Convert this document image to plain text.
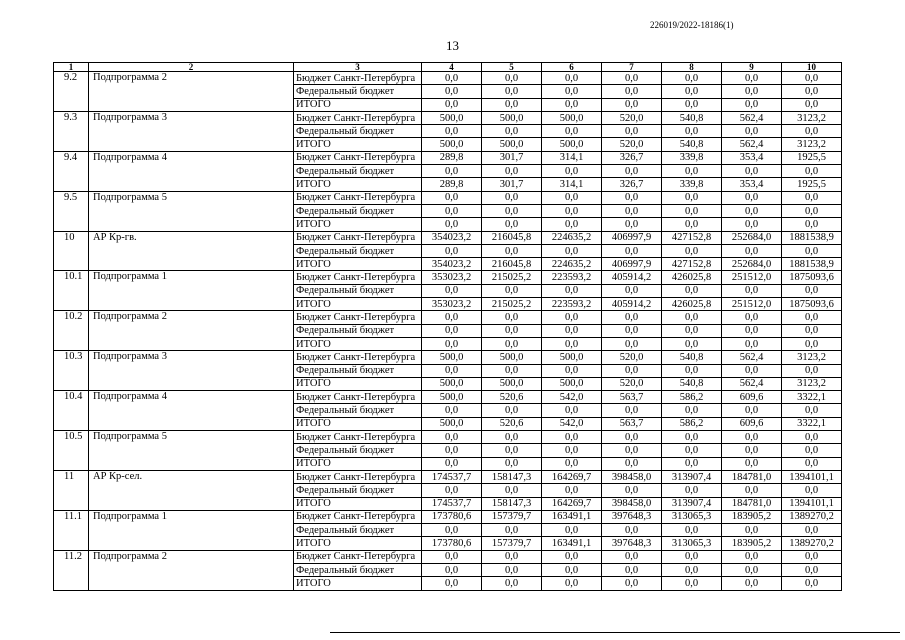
226019/2022-18186(1)
13
1	2	3	4	5	6	7	8	9	10
9.2	Подпрограмма 2	Бюджет Санкт-Петербурга	0,0	0,0	0,0	0,0	0,0	0,0	0,0
		Федеральный бюджет	0,0	0,0	0,0	0,0	0,0	0,0	0,0
		ИТОГО	0,0	0,0	0,0	0,0	0,0	0,0	0,0
9.3	Подпрограмма 3	Бюджет Санкт-Петербурга	500,0	500,0	500,0	520,0	540,8	562,4	3123,2
		Федеральный бюджет	0,0	0,0	0,0	0,0	0,0	0,0	0,0
		ИТОГО	500,0	500,0	500,0	520,0	540,8	562,4	3123,2
9.4	Подпрограмма 4	Бюджет Санкт-Петербурга	289,8	301,7	314,1	326,7	339,8	353,4	1925,5
		Федеральный бюджет	0,0	0,0	0,0	0,0	0,0	0,0	0,0
		ИТОГО	289,8	301,7	314,1	326,7	339,8	353,4	1925,5
9.5	Подпрограмма 5	Бюджет Санкт-Петербурга	0,0	0,0	0,0	0,0	0,0	0,0	0,0
		Федеральный бюджет	0,0	0,0	0,0	0,0	0,0	0,0	0,0
		ИТОГО	0,0	0,0	0,0	0,0	0,0	0,0	0,0
10	АР Кр-гв.	Бюджет Санкт-Петербурга	354023,2	216045,8	224635,2	406997,9	427152,8	252684,0	1881538,9
		Федеральный бюджет	0,0	0,0	0,0	0,0	0,0	0,0	0,0
		ИТОГО	354023,2	216045,8	224635,2	406997,9	427152,8	252684,0	1881538,9
10.1	Подпрограмма 1	Бюджет Санкт-Петербурга	353023,2	215025,2	223593,2	405914,2	426025,8	251512,0	1875093,6
		Федеральный бюджет	0,0	0,0	0,0	0,0	0,0	0,0	0,0
		ИТОГО	353023,2	215025,2	223593,2	405914,2	426025,8	251512,0	1875093,6
10.2	Подпрограмма 2	Бюджет Санкт-Петербурга	0,0	0,0	0,0	0,0	0,0	0,0	0,0
		Федеральный бюджет	0,0	0,0	0,0	0,0	0,0	0,0	0,0
		ИТОГО	0,0	0,0	0,0	0,0	0,0	0,0	0,0
10.3	Подпрограмма 3	Бюджет Санкт-Петербурга	500,0	500,0	500,0	520,0	540,8	562,4	3123,2
		Федеральный бюджет	0,0	0,0	0,0	0,0	0,0	0,0	0,0
		ИТОГО	500,0	500,0	500,0	520,0	540,8	562,4	3123,2
10.4	Подпрограмма 4	Бюджет Санкт-Петербурга	500,0	520,6	542,0	563,7	586,2	609,6	3322,1
		Федеральный бюджет	0,0	0,0	0,0	0,0	0,0	0,0	0,0
		ИТОГО	500,0	520,6	542,0	563,7	586,2	609,6	3322,1
10.5	Подпрограмма 5	Бюджет Санкт-Петербурга	0,0	0,0	0,0	0,0	0,0	0,0	0,0
		Федеральный бюджет	0,0	0,0	0,0	0,0	0,0	0,0	0,0
		ИТОГО	0,0	0,0	0,0	0,0	0,0	0,0	0,0
11	АР Кр-сел.	Бюджет Санкт-Петербурга	174537,7	158147,3	164269,7	398458,0	313907,4	184781,0	1394101,1
		Федеральный бюджет	0,0	0,0	0,0	0,0	0,0	0,0	0,0
		ИТОГО	174537,7	158147,3	164269,7	398458,0	313907,4	184781,0	1394101,1
11.1	Подпрограмма 1	Бюджет Санкт-Петербурга	173780,6	157379,7	163491,1	397648,3	313065,3	183905,2	1389270,2
		Федеральный бюджет	0,0	0,0	0,0	0,0	0,0	0,0	0,0
		ИТОГО	173780,6	157379,7	163491,1	397648,3	313065,3	183905,2	1389270,2
11.2	Подпрограмма 2	Бюджет Санкт-Петербурга	0,0	0,0	0,0	0,0	0,0	0,0	0,0
		Федеральный бюджет	0,0	0,0	0,0	0,0	0,0	0,0	0,0
		ИТОГО	0,0	0,0	0,0	0,0	0,0	0,0	0,0
